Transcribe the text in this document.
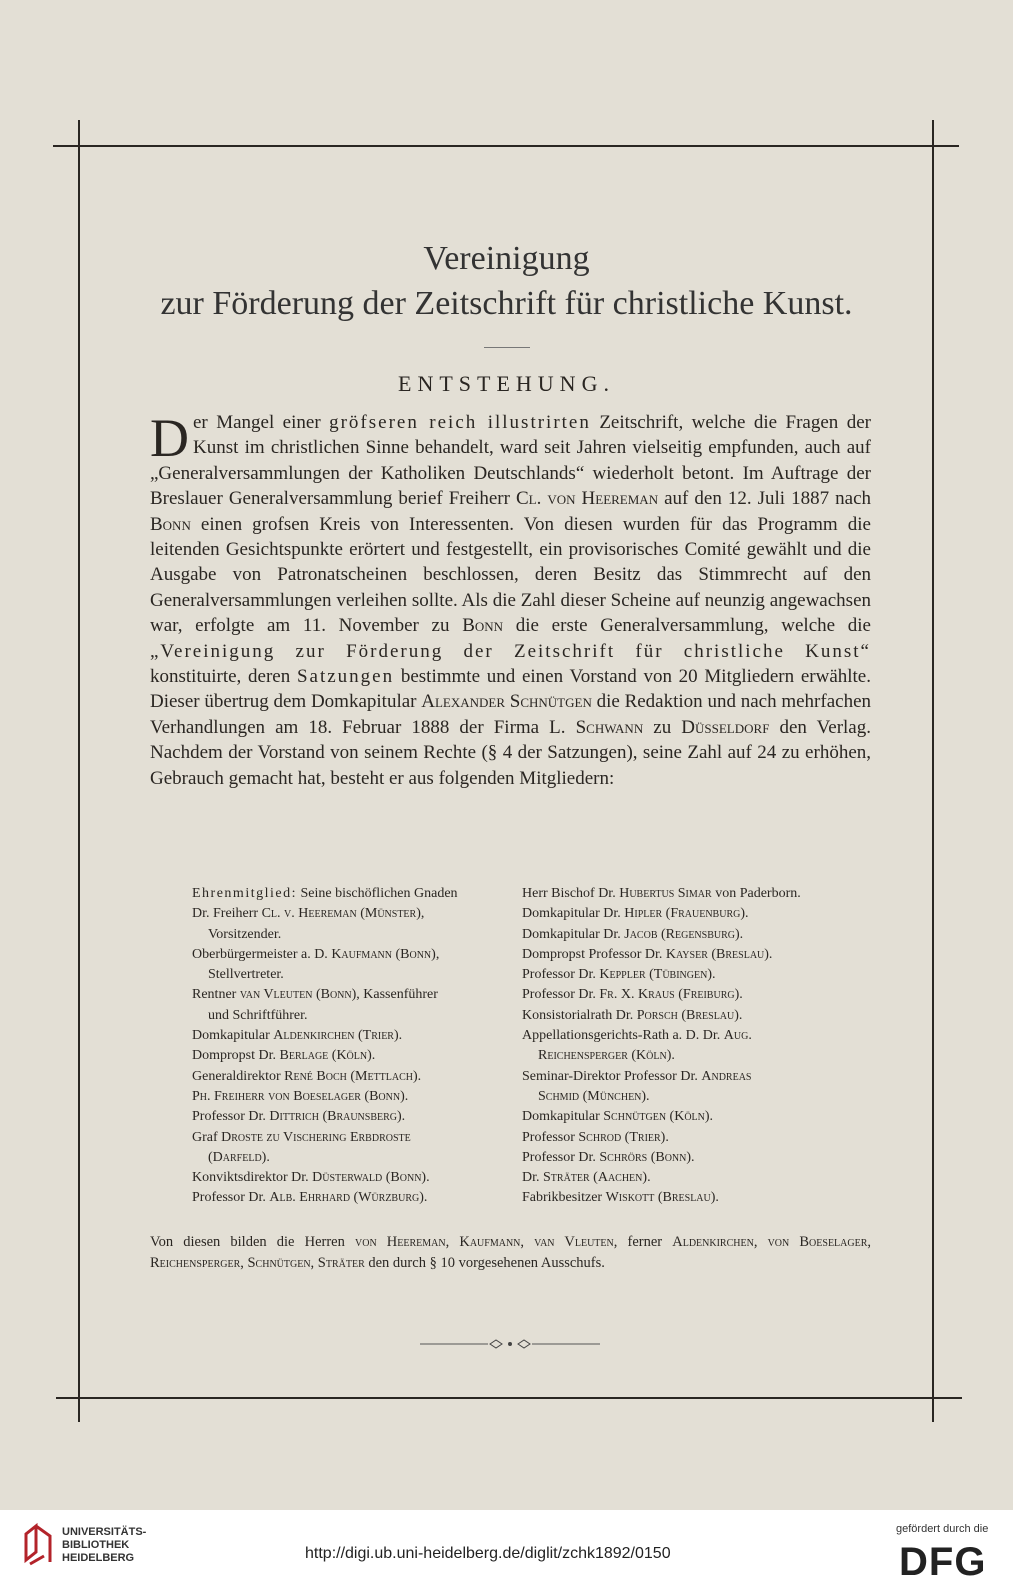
Vereinigung
zur Förderung der Zeitschrift für christliche Kunst.
ENTSTEHUNG.
Der Mangel einer gröfseren reich illustrirten Zeitschrift, welche die Fragen der Kunst im christlichen Sinne behandelt, ward seit Jahren vielseitig empfunden, auch auf „Generalversammlungen der Katholiken Deutschlands“ wiederholt betont. Im Auftrage der Breslauer Generalversammlung berief Freiherr Cl. von Heereman auf den 12. Juli 1887 nach Bonn einen grofsen Kreis von Interessenten. Von diesen wurden für das Programm die leitenden Gesichtspunkte erörtert und festgestellt, ein provisorisches Comité gewählt und die Ausgabe von Patronatscheinen beschlossen, deren Besitz das Stimmrecht auf den Generalversammlungen verleihen sollte. Als die Zahl dieser Scheine auf neunzig angewachsen war, erfolgte am 11. November zu Bonn die erste Generalversammlung, welche die „Vereinigung zur Förderung der Zeitschrift für christliche Kunst“ konstituirte, deren Satzungen bestimmte und einen Vorstand von 20 Mitgliedern erwählte. Dieser übertrug dem Domkapitular Alexander Schnütgen die Redaktion und nach mehrfachen Verhandlungen am 18. Februar 1888 der Firma L. Schwann zu Düsseldorf den Verlag. Nachdem der Vorstand von seinem Rechte (§ 4 der Satzungen), seine Zahl auf 24 zu erhöhen, Gebrauch gemacht hat, besteht er aus folgenden Mitgliedern:
Ehrenmitglied: Seine bischöflichen Gnaden
Dr. Freiherr Cl. v. Heereman (Münster),
Vorsitzender.
Oberbürgermeister a. D. Kaufmann (Bonn),
Stellvertreter.
Rentner van Vleuten (Bonn), Kassenführer
und Schriftführer.
Domkapitular Aldenkirchen (Trier).
Dompropst Dr. Berlage (Köln).
Generaldirektor René Boch (Mettlach).
Ph. Freiherr von Boeselager (Bonn).
Professor Dr. Dittrich (Braunsberg).
Graf Droste zu Vischering Erbdroste
(Darfeld).
Konviktsdirektor Dr. Düsterwald (Bonn).
Professor Dr. Alb. Ehrhard (Würzburg).
Herr Bischof Dr. Hubertus Simar von Paderborn.
Domkapitular Dr. Hipler (Frauenburg).
Domkapitular Dr. Jacob (Regensburg).
Dompropst Professor Dr. Kayser (Breslau).
Professor Dr. Keppler (Tübingen).
Professor Dr. Fr. X. Kraus (Freiburg).
Konsistorialrath Dr. Porsch (Breslau).
Appellationsgerichts-Rath a. D. Dr. Aug.
Reichensperger (Köln).
Seminar-Direktor Professor Dr. Andreas
Schmid (München).
Domkapitular Schnütgen (Köln).
Professor Schrod (Trier).
Professor Dr. Schrörs (Bonn).
Dr. Sträter (Aachen).
Fabrikbesitzer Wiskott (Breslau).
Von diesen bilden die Herren von Heereman, Kaufmann, van Vleuten, ferner Aldenkirchen, von Boeselager, Reichensperger, Schnütgen, Sträter den durch § 10 vorgesehenen Ausschufs.
UNIVERSITÄTS-
BIBLIOTHEK
HEIDELBERG	http://digi.ub.uni-heidelberg.de/diglit/zchk1892/0150
gefördert durch die
DFG
